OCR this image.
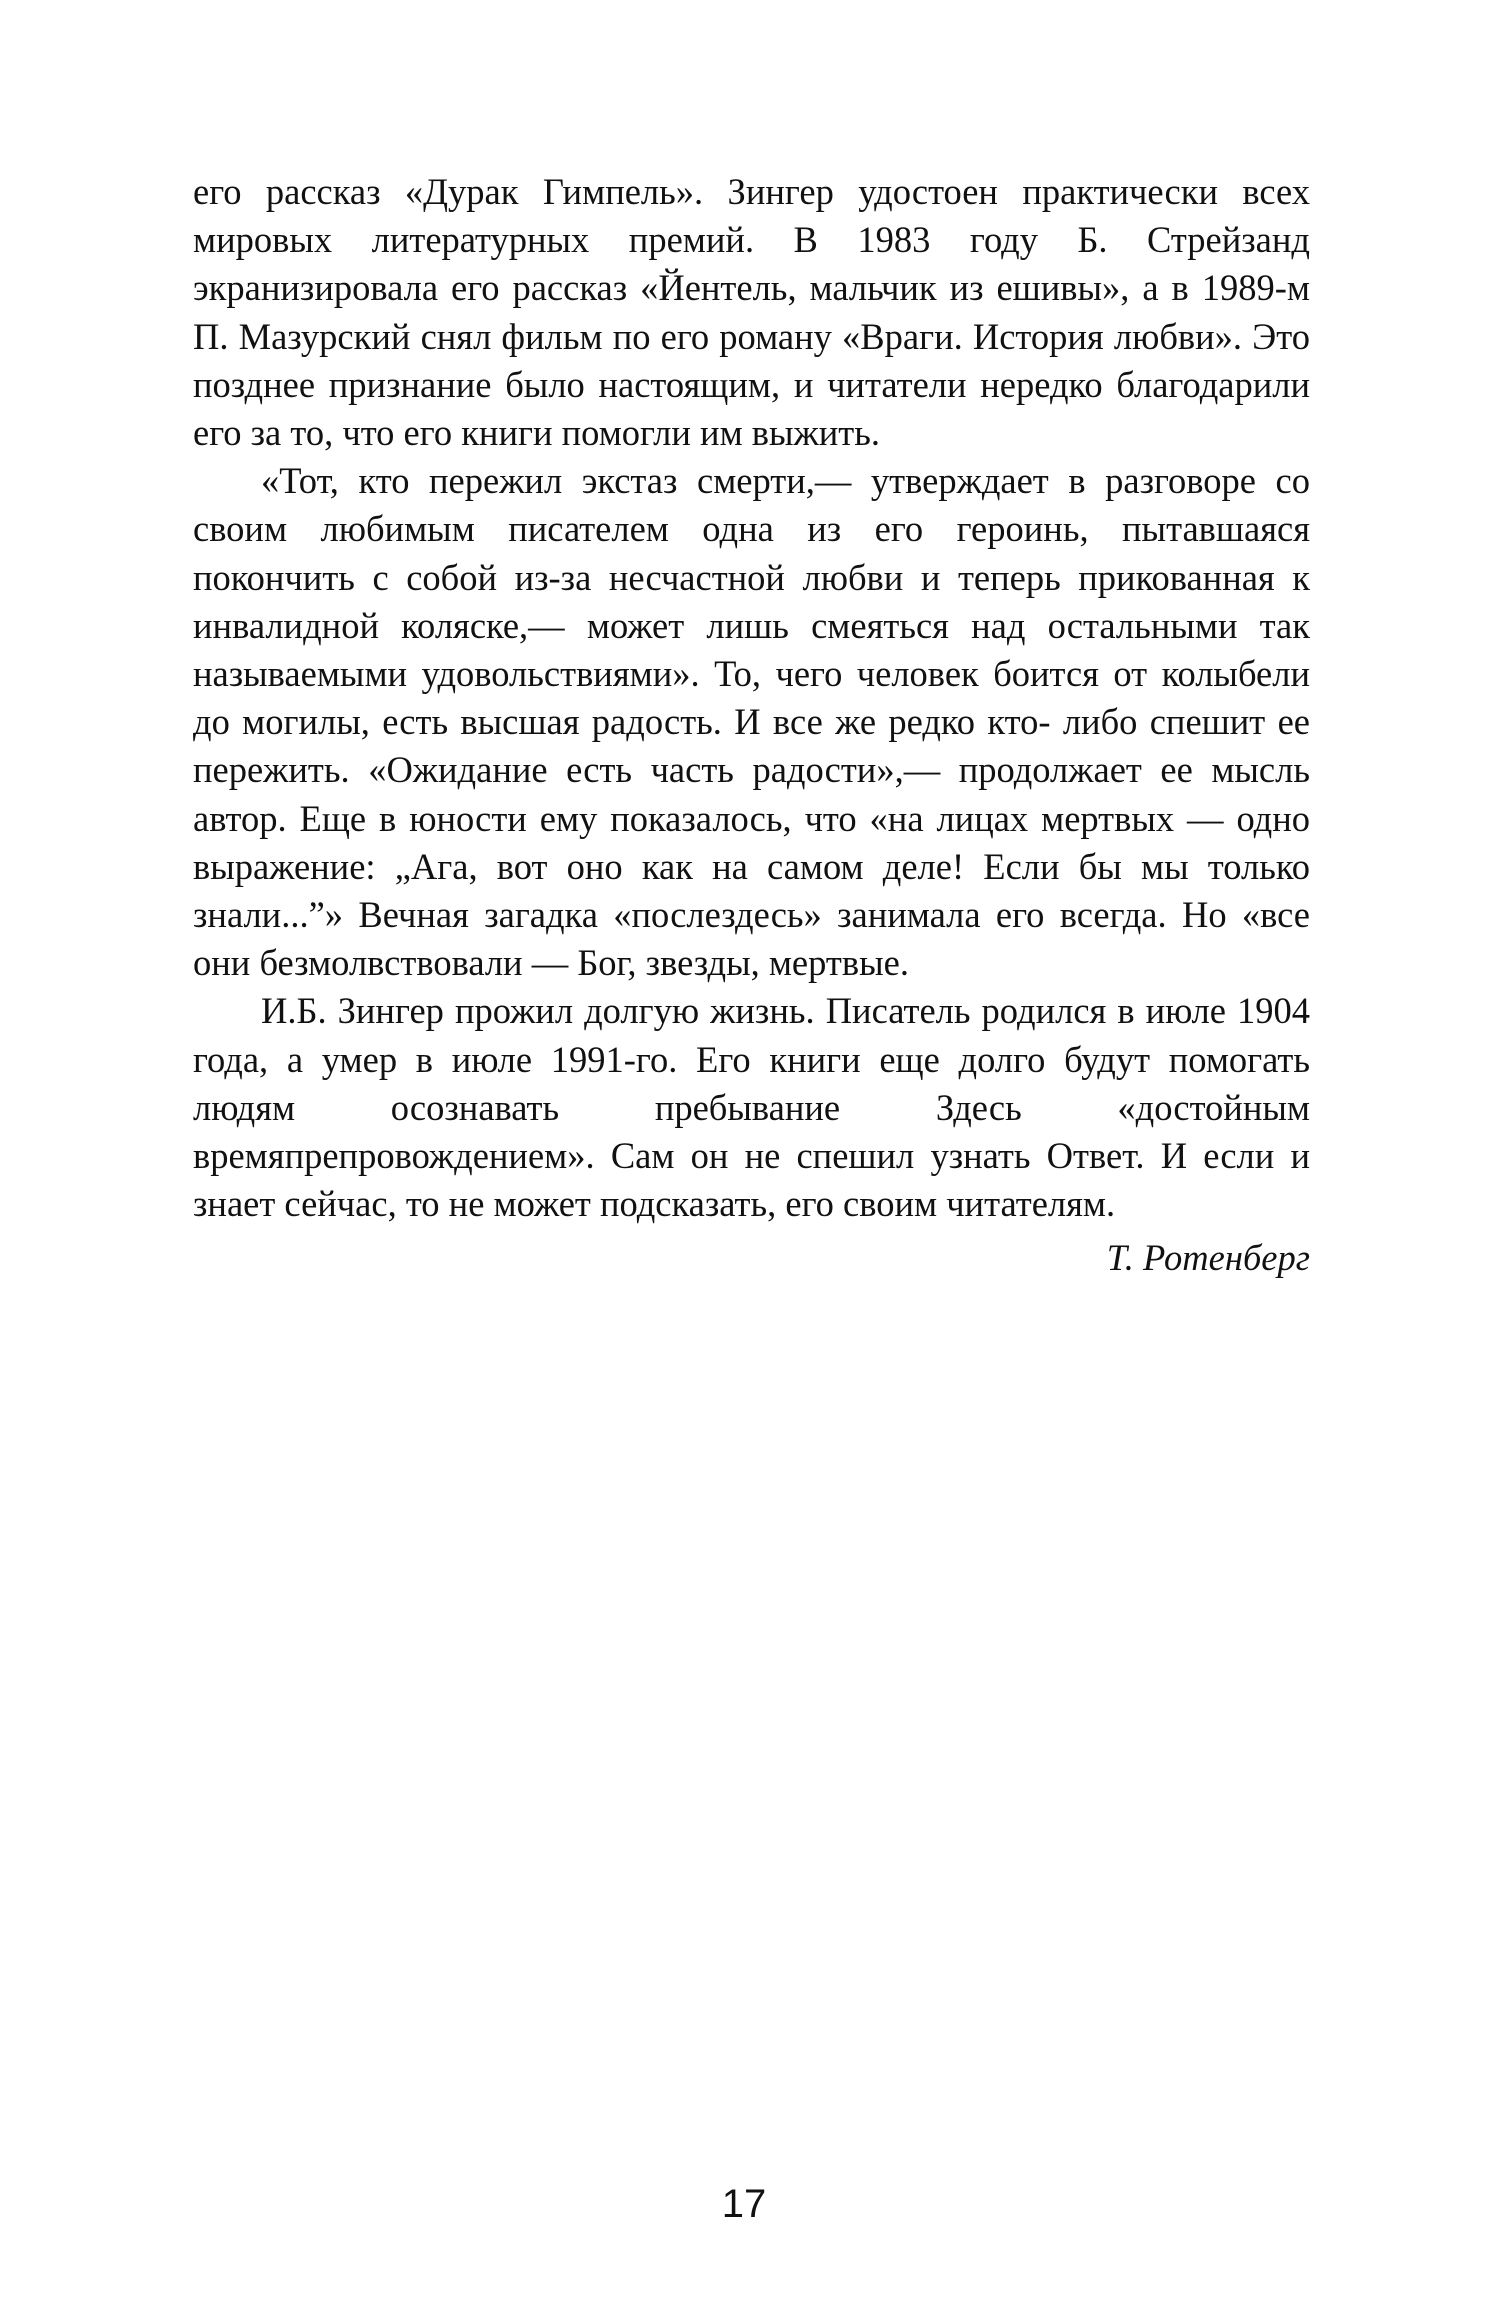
его рассказ «Дурак Гимпель». Зингер удостоен практически всех мировых литературных премий. В 1983 году Б. Стрейзанд экранизировала его рассказ «Йентель, мальчик из ешивы», а в 1989-м П. Мазурский снял фильм по его роману «Враги. История любви». Это позднее признание было настоящим, и читатели нередко благодарили его за то, что его книги помогли им выжить.

«Тот, кто пережил экстаз смерти,— утверждает в разговоре со своим любимым писателем одна из его героинь, пытавшаяся покончить с собой из-за несчастной любви и теперь прикованная к инвалидной коляске,— может лишь смеяться над остальными так называемыми удовольствиями». То, чего человек боится от колыбели до могилы, есть высшая радость. И все же редко кто- либо спешит ее пережить. «Ожидание есть часть радости»,— продолжает ее мысль автор. Еще в юности ему показалось, что «на лицах мертвых — одно выражение: „Ага, вот оно как на самом деле! Если бы мы только знали...”» Вечная загадка «послездесь» занимала его всегда. Но «все они безмолвствовали — Бог, звезды, мертвые.

И.Б. Зингер прожил долгую жизнь. Писатель родился в июле 1904 года, а умер в июле 1991-го. Его книги еще долго будут помогать людям осознавать пребывание Здесь «достойным времяпрепровождением». Сам он не спешил узнать Ответ. И если и знает сейчас, то не может подсказать, его своим читателям.

Т. Ротенберг

17
